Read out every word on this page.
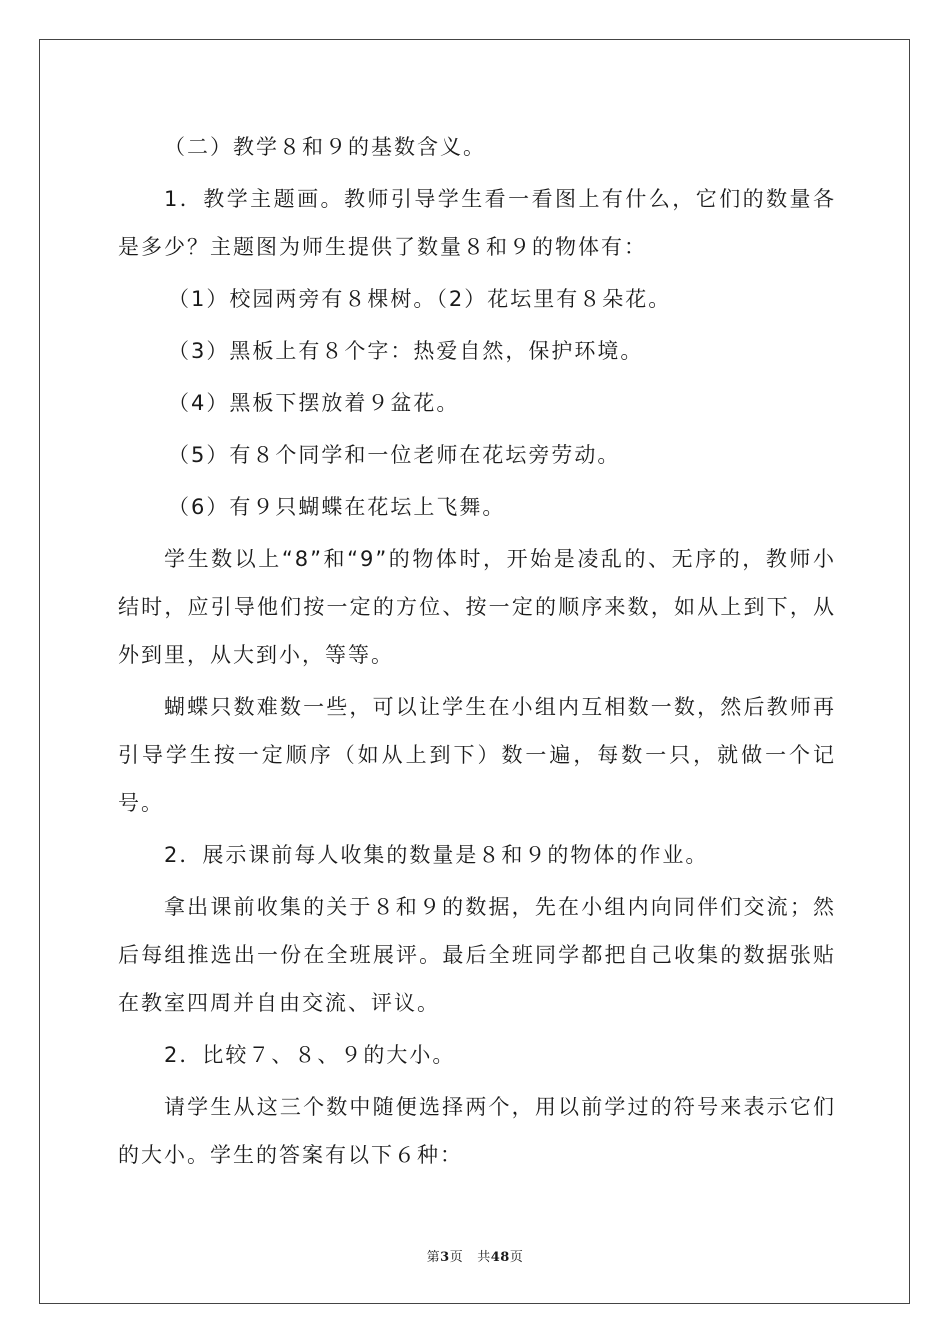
（二）教学８和９的基数含义。

1．教学主题画。教师引导学生看一看图上有什么，它们的数量各是多少？主题图为师生提供了数量８和９的物体有：

（1）校园两旁有８棵树。（2）花坛里有８朵花。

（3）黑板上有８个字：热爱自然，保护环境。

（4）黑板下摆放着９盆花。

（5）有８个同学和一位老师在花坛旁劳动。

（6）有９只蝴蝶在花坛上飞舞。

学生数以上“8”和“9”的物体时，开始是凌乱的、无序的，教师小结时，应引导他们按一定的方位、按一定的顺序来数，如从上到下，从外到里，从大到小，等等。

蝴蝶只数难数一些，可以让学生在小组内互相数一数，然后教师再引导学生按一定顺序（如从上到下）数一遍，每数一只，就做一个记号。

2．展示课前每人收集的数量是８和９的物体的作业。

拿出课前收集的关于８和９的数据，先在小组内向同伴们交流；然后每组推选出一份在全班展评。最后全班同学都把自己收集的数据张贴在教室四周并自由交流、评议。

2．比较７、８、９的大小。

请学生从这三个数中随便选择两个，用以前学过的符号来表示它们的大小。学生的答案有以下６种：

第3页 共48页
